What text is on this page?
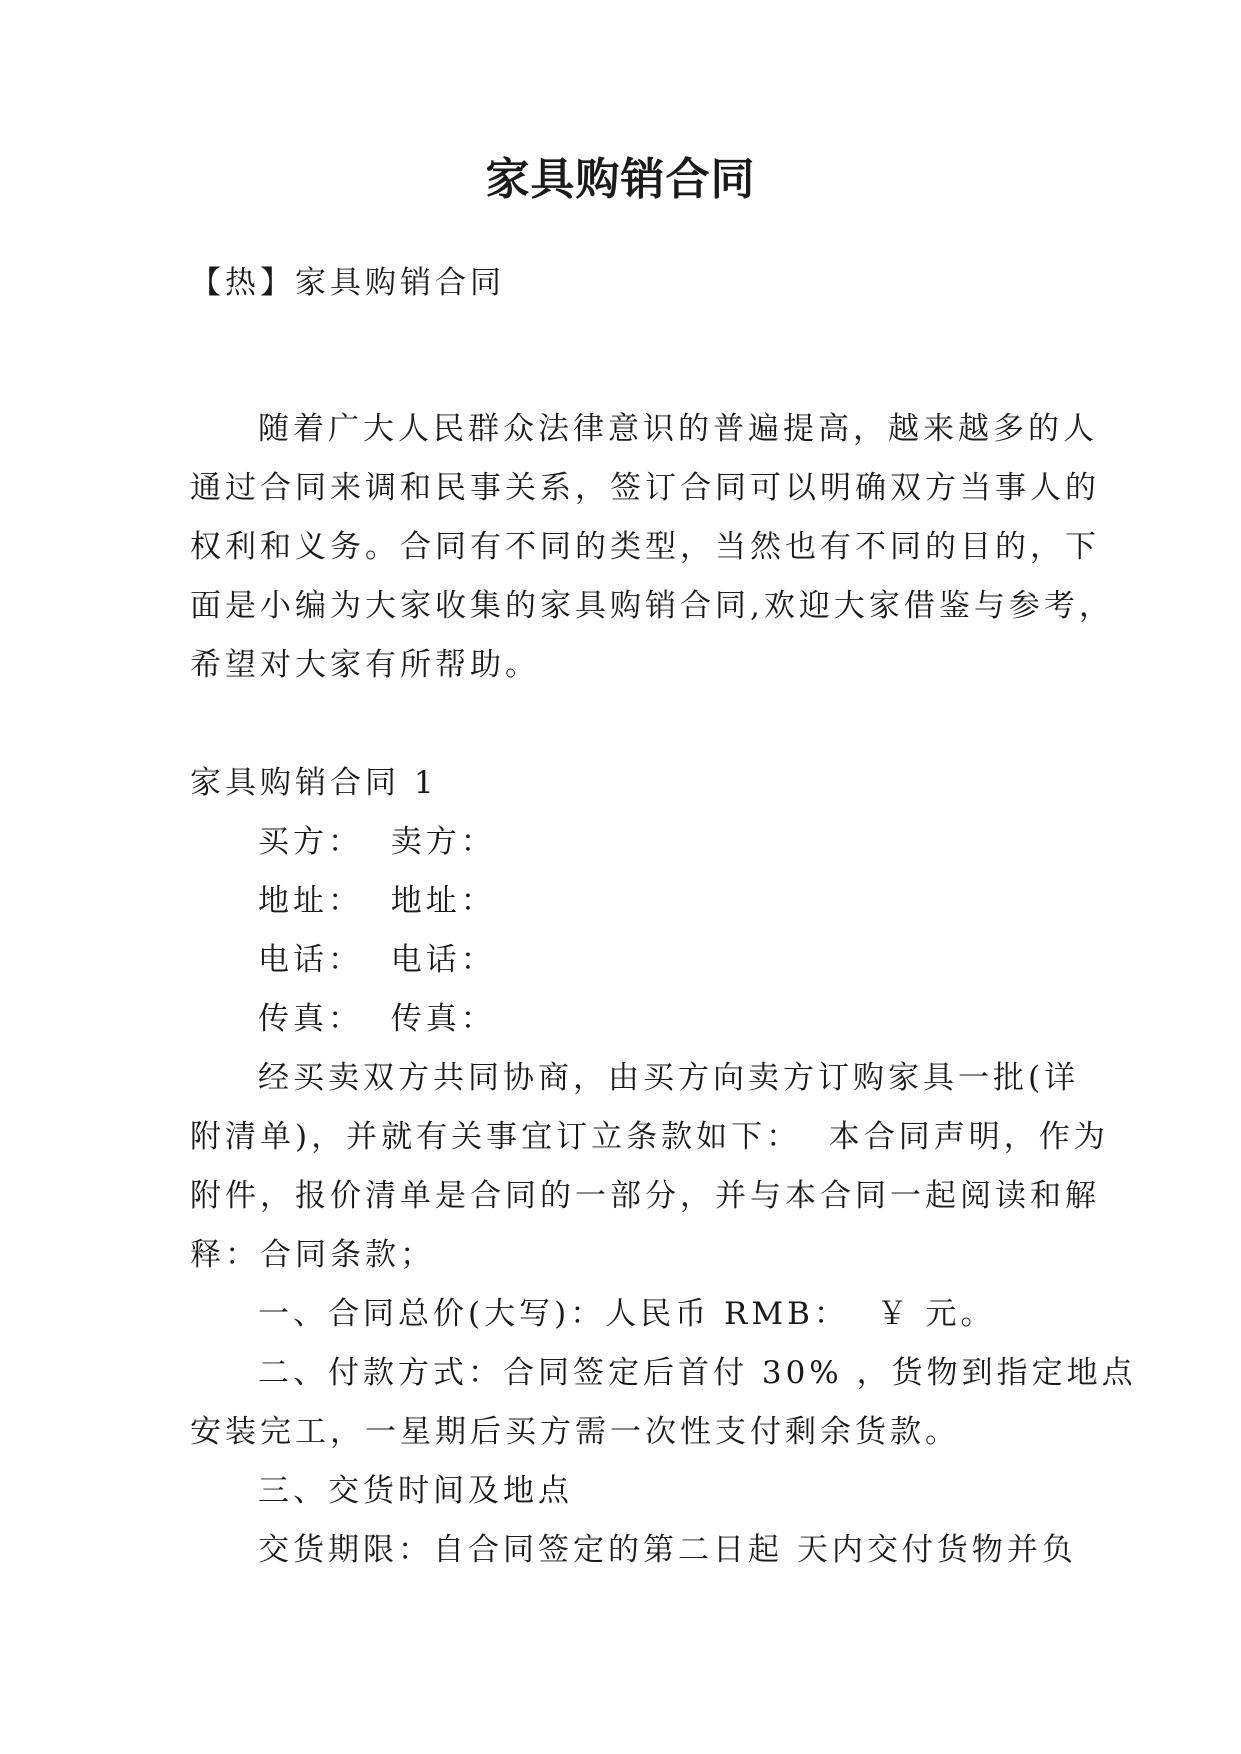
家具购销合同
【热】家具购销合同
随着广大人民群众法律意识的普遍提高，越来越多的人
通过合同来调和民事关系，签订合同可以明确双方当事人的
权利和义务。合同有不同的类型，当然也有不同的目的，下
面是小编为大家收集的家具购销合同,欢迎大家借鉴与参考，
希望对大家有所帮助。
家具购销合同 1
买方：  卖方：
地址：  地址：
电话：  电话：
传真：  传真：
经买卖双方共同协商，由买方向卖方订购家具一批(详
附清单)，并就有关事宜订立条款如下：  本合同声明，作为
附件，报价清单是合同的一部分，并与本合同一起阅读和解
释：合同条款；
一、合同总价(大写)：人民币 RMB：  ￥ 元。
二、付款方式：合同签定后首付 30% ，货物到指定地点
安装完工，一星期后买方需一次性支付剩余货款。
三、交货时间及地点
交货期限：自合同签定的第二日起 天内交付货物并负
